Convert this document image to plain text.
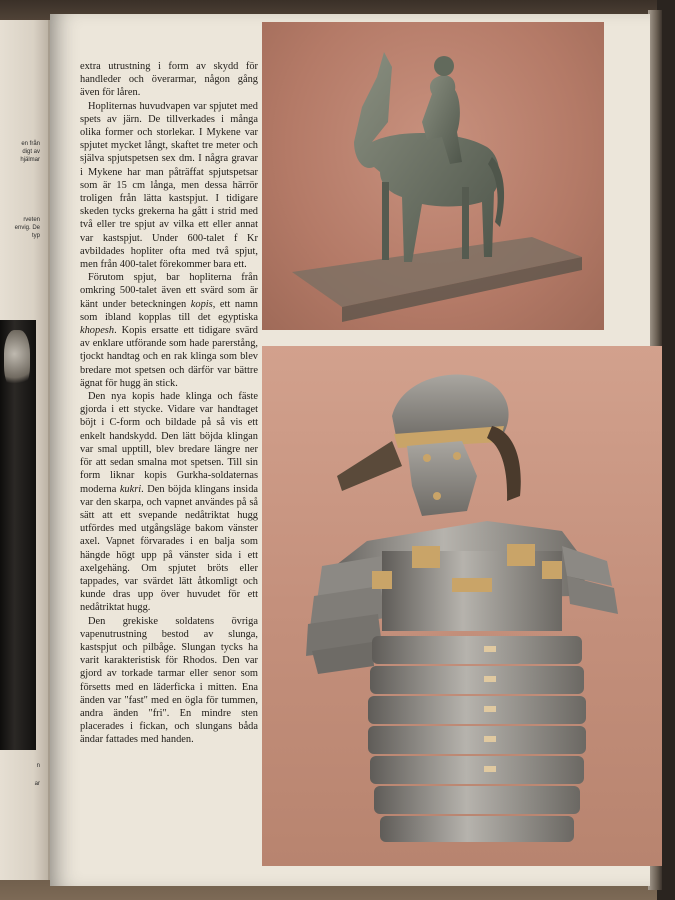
en från
digt av
hjälmar
rveten
envig. De
typ
n
ar

extra utrustning i form av skydd för handleder och överarmar, någon gång även för låren.

Hopliternas huvudvapen var spjutet med spets av järn. De tillverkades i många olika former och storlekar. I Mykene var spjutet mycket långt, skaftet tre meter och själva spjutspetsen sex dm. I några gravar i Mykene har man påträffat spjutspetsar som är 15 cm långa, men dessa härrör troligen från lätta kastspjut. I tidigare skeden tycks grekerna ha gått i strid med två eller tre spjut av vilka ett eller annat var kastspjut. Under 600-talet f Kr avbildades hopliter ofta med två spjut, men från 400-talet förekommer bara ett.

Förutom spjut, bar hopliterna från omkring 500-talet även ett svärd som är känt under beteckningen kopis, ett namn som ibland kopplas till det egyptiska khopesh. Kopis ersatte ett tidigare svärd av enklare utförande som hade parerstång, tjockt handtag och en rak klinga som blev bredare mot spetsen och därför var bättre ägnat för hugg än stick.

Den nya kopis hade klinga och fäste gjorda i ett stycke. Vidare var handtaget böjt i C-form och bildade på så vis ett enkelt handskydd. Den lätt böjda klingan var smal upptill, blev bredare längre ner för att sedan smalna mot spetsen. Till sin form liknar kopis Gurkha-soldaternas moderna kukri. Den böjda klingans insida var den skarpa, och vapnet användes på så sätt att ett svepande nedåtriktat hugg utfördes med utgångsläge bakom vänster axel. Vapnet förvarades i en balja som hängde högt upp på vänster sida i ett axelgehäng. Om spjutet bröts eller tappades, var svärdet lätt åtkomligt och kunde dras upp över huvudet för ett nedåtriktat hugg.

Den grekiske soldatens övriga vapenutrustning bestod av slunga, kastspjut och pilbåge. Slungan tycks ha varit karakteristisk för Rhodos. Den var gjord av torkade tarmar eller senor som försetts med en läderficka i mitten. Ena änden var "fast" med en ögla för tummen, andra änden "fri". En mindre sten placerades i fickan, och slungans båda ändar fattades med handen.
